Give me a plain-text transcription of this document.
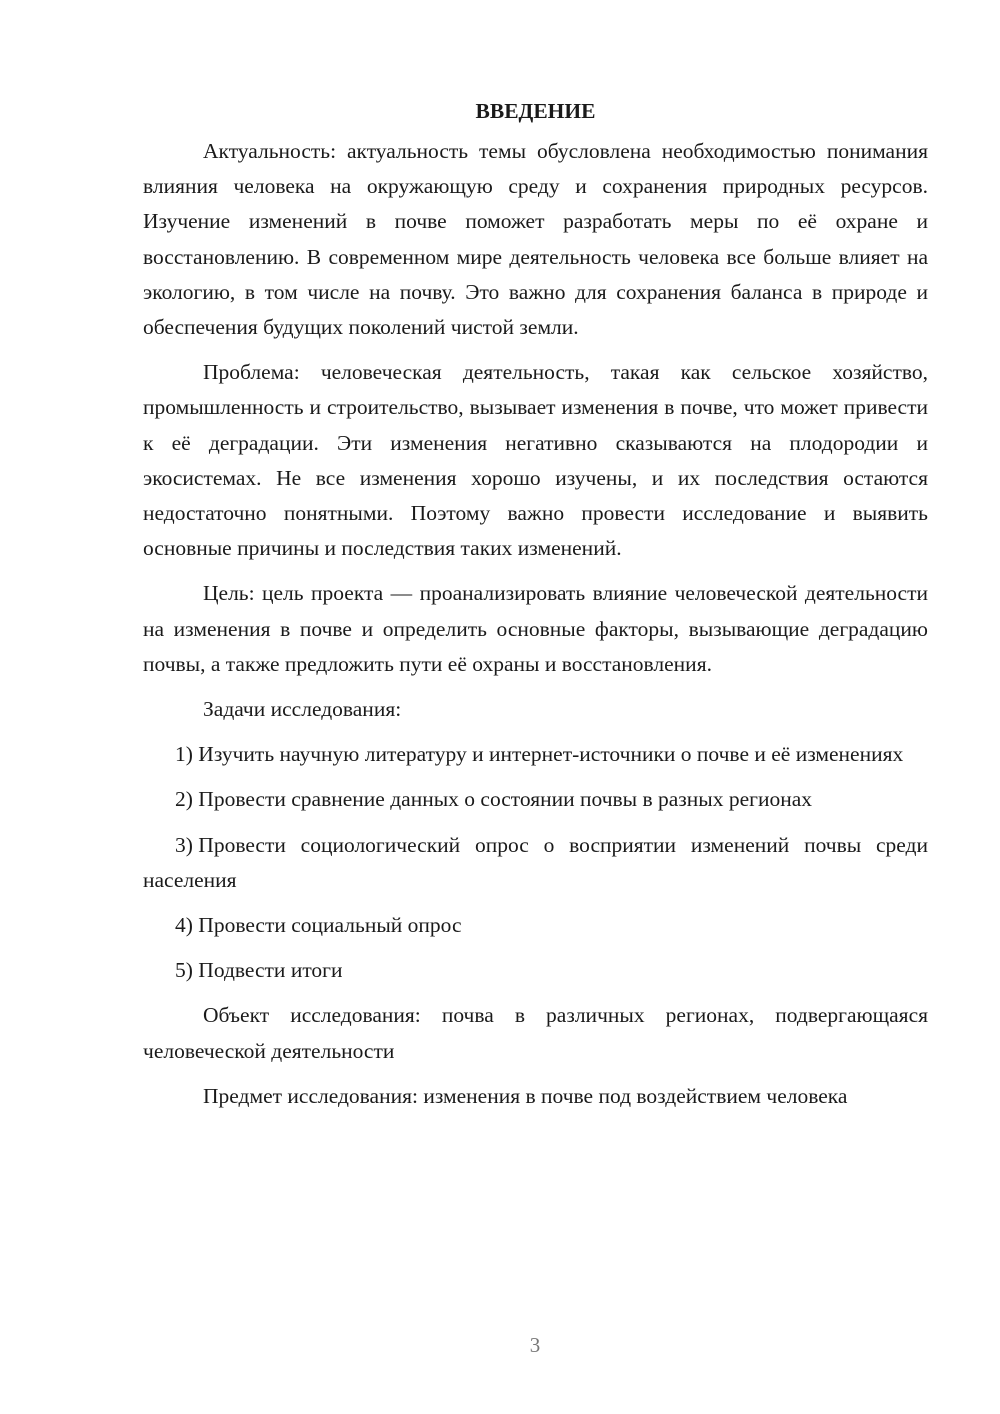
ВВЕДЕНИЕ

Актуальность: актуальность темы обусловлена необходимостью понимания влияния человека на окружающую среду и сохранения природных ресурсов. Изучение изменений в почве поможет разработать меры по её охране и восстановлению. В современном мире деятельность человека все больше влияет на экологию, в том числе на почву. Это важно для сохранения баланса в природе и обеспечения будущих поколений чистой земли.

Проблема: человеческая деятельность, такая как сельское хозяйство, промышленность и строительство, вызывает изменения в почве, что может привести к её деградации. Эти изменения негативно сказываются на плодородии и экосистемах. Не все изменения хорошо изучены, и их последствия остаются недостаточно понятными. Поэтому важно провести исследование и выявить основные причины и последствия таких изменений.

Цель: цель проекта — проанализировать влияние человеческой деятельности на изменения в почве и определить основные факторы, вызывающие деградацию почвы, а также предложить пути её охраны и восстановления.

Задачи исследования:

1) Изучить научную литературу и интернет-источники о почве и её изменениях

2) Провести сравнение данных о состоянии почвы в разных регионах

3) Провести социологический опрос о восприятии изменений почвы среди населения

4) Провести социальный опрос

5) Подвести итоги

Объект исследования: почва в различных регионах, подвергающаяся человеческой деятельности

Предмет исследования: изменения в почве под воздействием человека

3
